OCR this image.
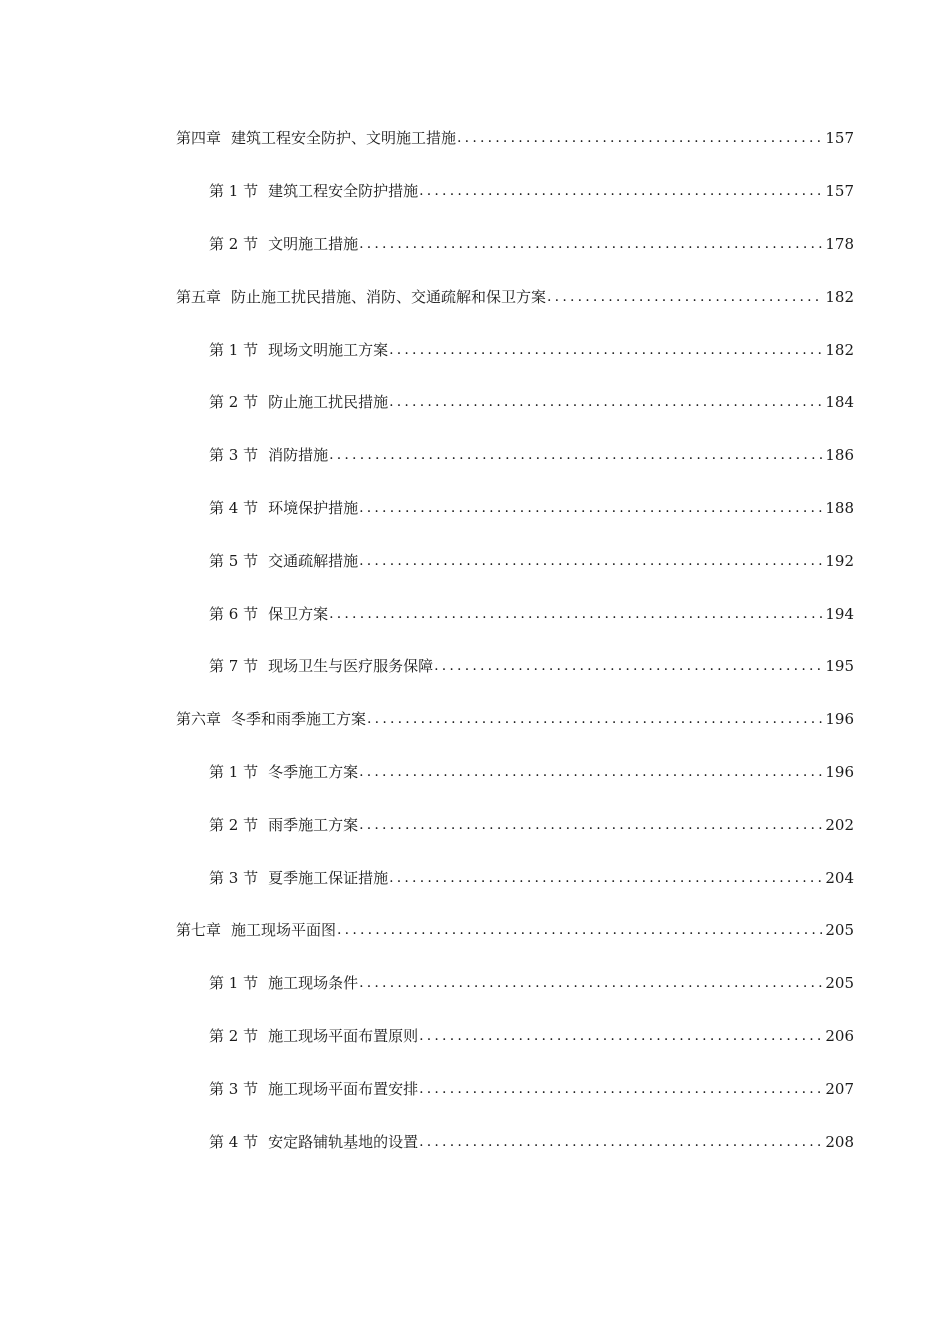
第四章 建筑工程安全防护、文明施工措施 .....	157
第 1 节 建筑工程安全防护措施 .....	157
第 2 节 文明施工措施 .....	178
第五章 防止施工扰民措施、消防、交通疏解和保卫方案 .....	182
第 1 节 现场文明施工方案 .....	182
第 2 节 防止施工扰民措施 .....	184
第 3 节 消防措施 .....	186
第 4 节 环境保护措施 .....	188
第 5 节 交通疏解措施 .....	192
第 6 节 保卫方案 .....	194
第 7 节 现场卫生与医疗服务保障 .....	195
第六章 冬季和雨季施工方案 .....	196
第 1 节 冬季施工方案 .....	196
第 2 节 雨季施工方案 .....	202
第 3 节 夏季施工保证措施 .....	204
第七章 施工现场平面图 .....	205
第 1 节 施工现场条件 .....	205
第 2 节 施工现场平面布置原则 .....	206
第 3 节 施工现场平面布置安排 .....	207
第 4 节 安定路铺轨基地的设置 .....	208
